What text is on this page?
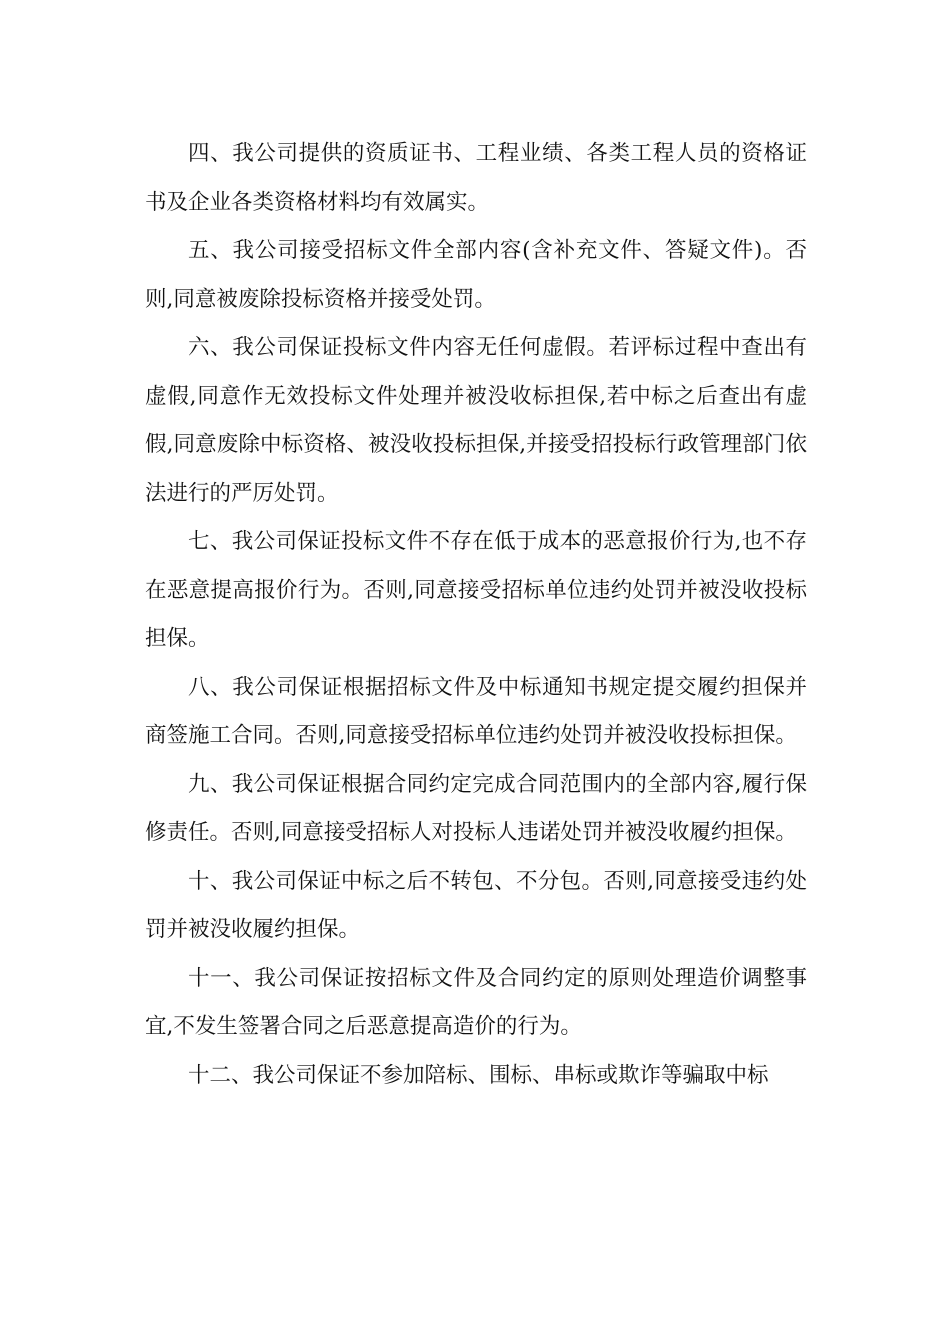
四、我公司提供的资质证书、工程业绩、各类工程人员的资格证书及企业各类资格材料均有效属实。

五、我公司接受招标文件全部内容(含补充文件、答疑文件)。否则,同意被废除投标资格并接受处罚。

六、我公司保证投标文件内容无任何虚假。若评标过程中查出有虚假,同意作无效投标文件处理并被没收标担保,若中标之后查出有虚假,同意废除中标资格、被没收投标担保,并接受招投标行政管理部门依法进行的严厉处罚。

七、我公司保证投标文件不存在低于成本的恶意报价行为,也不存在恶意提高报价行为。否则,同意接受招标单位违约处罚并被没收投标担保。

八、我公司保证根据招标文件及中标通知书规定提交履约担保并商签施工合同。否则,同意接受招标单位违约处罚并被没收投标担保。

九、我公司保证根据合同约定完成合同范围内的全部内容,履行保修责任。否则,同意接受招标人对投标人违诺处罚并被没收履约担保。

十、我公司保证中标之后不转包、不分包。否则,同意接受违约处罚并被没收履约担保。

十一、我公司保证按招标文件及合同约定的原则处理造价调整事宜,不发生签署合同之后恶意提高造价的行为。

十二、我公司保证不参加陪标、围标、串标或欺诈等骗取中标
